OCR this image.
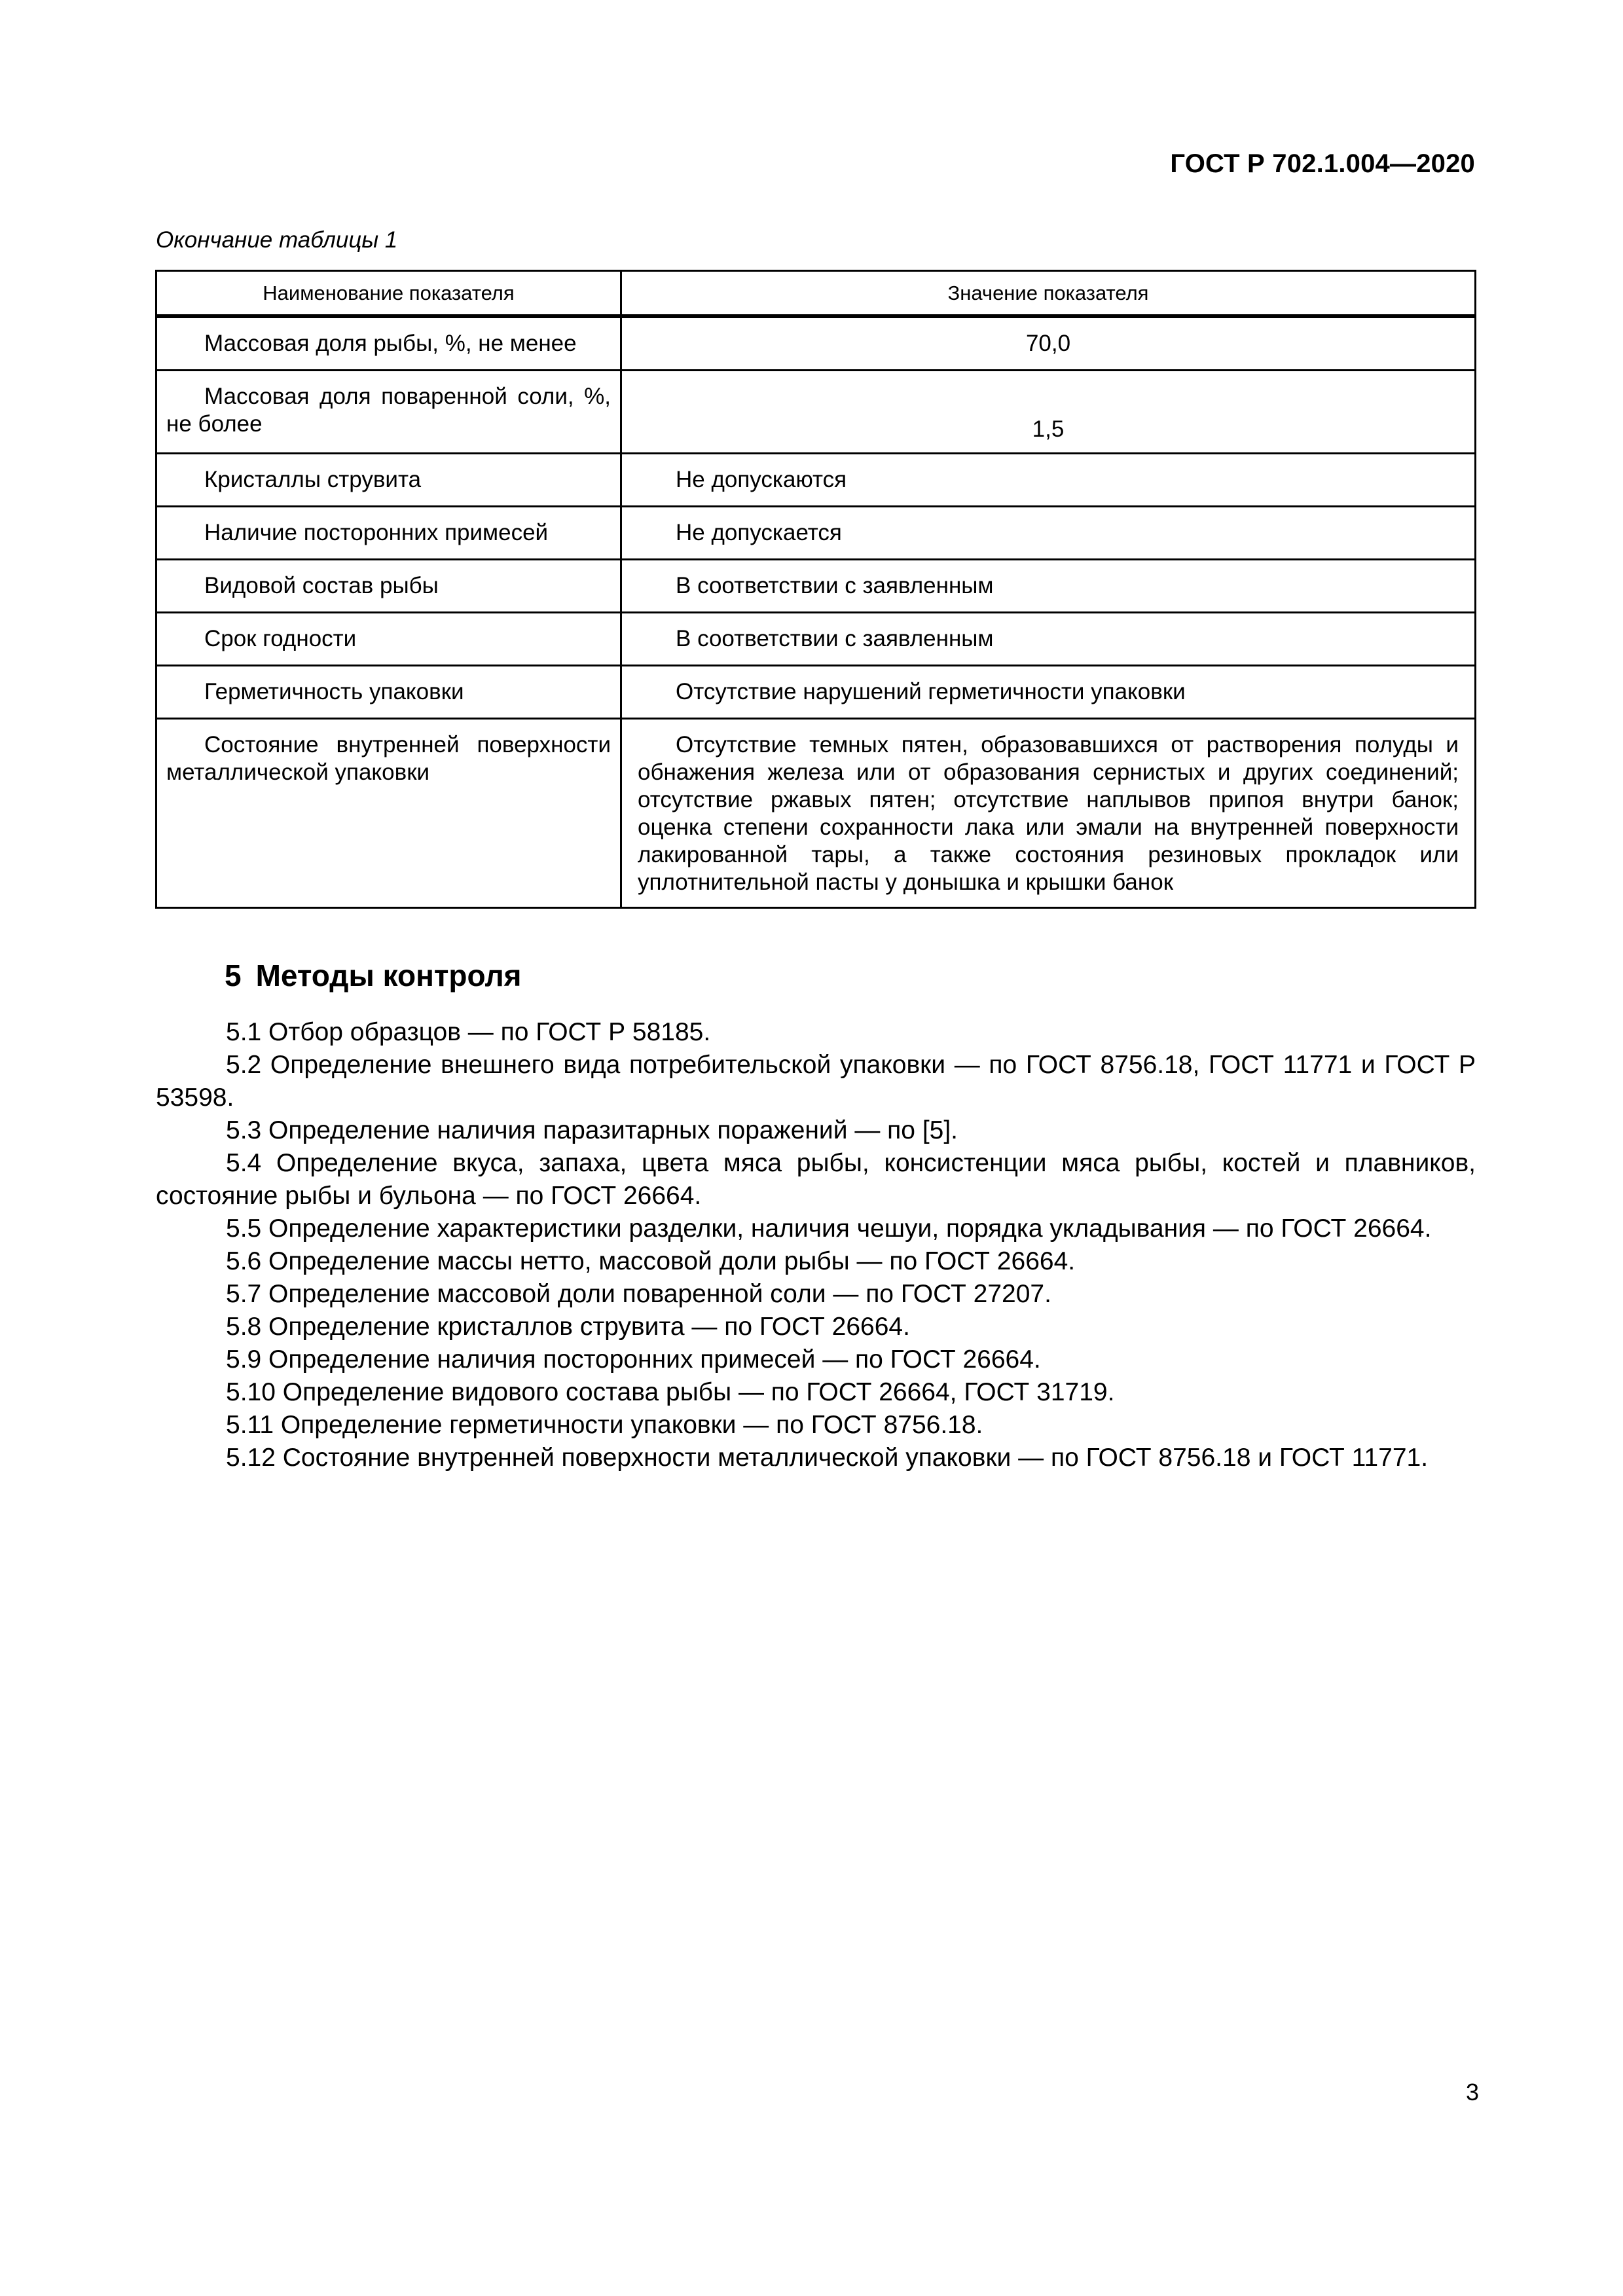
ГОСТ Р 702.1.004—2020
Окончание таблицы 1
Наименование показателя	Значение показателя
Массовая доля рыбы, %, не менее	70,0
Массовая доля поваренной соли, %, не более	1,5
Кристаллы струвита	Не допускаются
Наличие посторонних примесей	Не допускается
Видовой состав рыбы	В соответствии с заявленным
Срок годности	В соответствии с заявленным
Герметичность упаковки	Отсутствие нарушений герметичности упаковки
Состояние внутренней поверхности металлической упаковки	Отсутствие темных пятен, образовавшихся от растворения полуды и обнажения железа или от образования сернистых и других соединений; отсутствие ржавых пятен; отсутствие наплывов припоя внутри банок; оценка степени сохранности лака или эмали на внутренней поверхности лакированной тары, а также состояния резиновых прокладок или уплотнительной пасты у донышка и крышки банок
5 Методы контроля

5.1 Отбор образцов — по ГОСТ Р 58185.

5.2 Определение внешнего вида потребительской упаковки — по ГОСТ 8756.18, ГОСТ 11771 и ГОСТ Р 53598.

5.3 Определение наличия паразитарных поражений — по [5].

5.4 Определение вкуса, запаха, цвета мяса рыбы, консистенции мяса рыбы, костей и плавников, состояние рыбы и бульона — по ГОСТ 26664.

5.5 Определение характеристики разделки, наличия чешуи, порядка укладывания — по ГОСТ 26664.

5.6 Определение массы нетто, массовой доли рыбы — по ГОСТ 26664.

5.7 Определение массовой доли поваренной соли — по ГОСТ 27207.

5.8 Определение кристаллов струвита — по ГОСТ 26664.

5.9 Определение наличия посторонних примесей — по ГОСТ 26664.

5.10 Определение видового состава рыбы — по ГОСТ 26664, ГОСТ 31719.

5.11 Определение герметичности упаковки — по ГОСТ 8756.18.

5.12 Состояние внутренней поверхности металлической упаковки — по ГОСТ 8756.18 и ГОСТ 11771.

3
